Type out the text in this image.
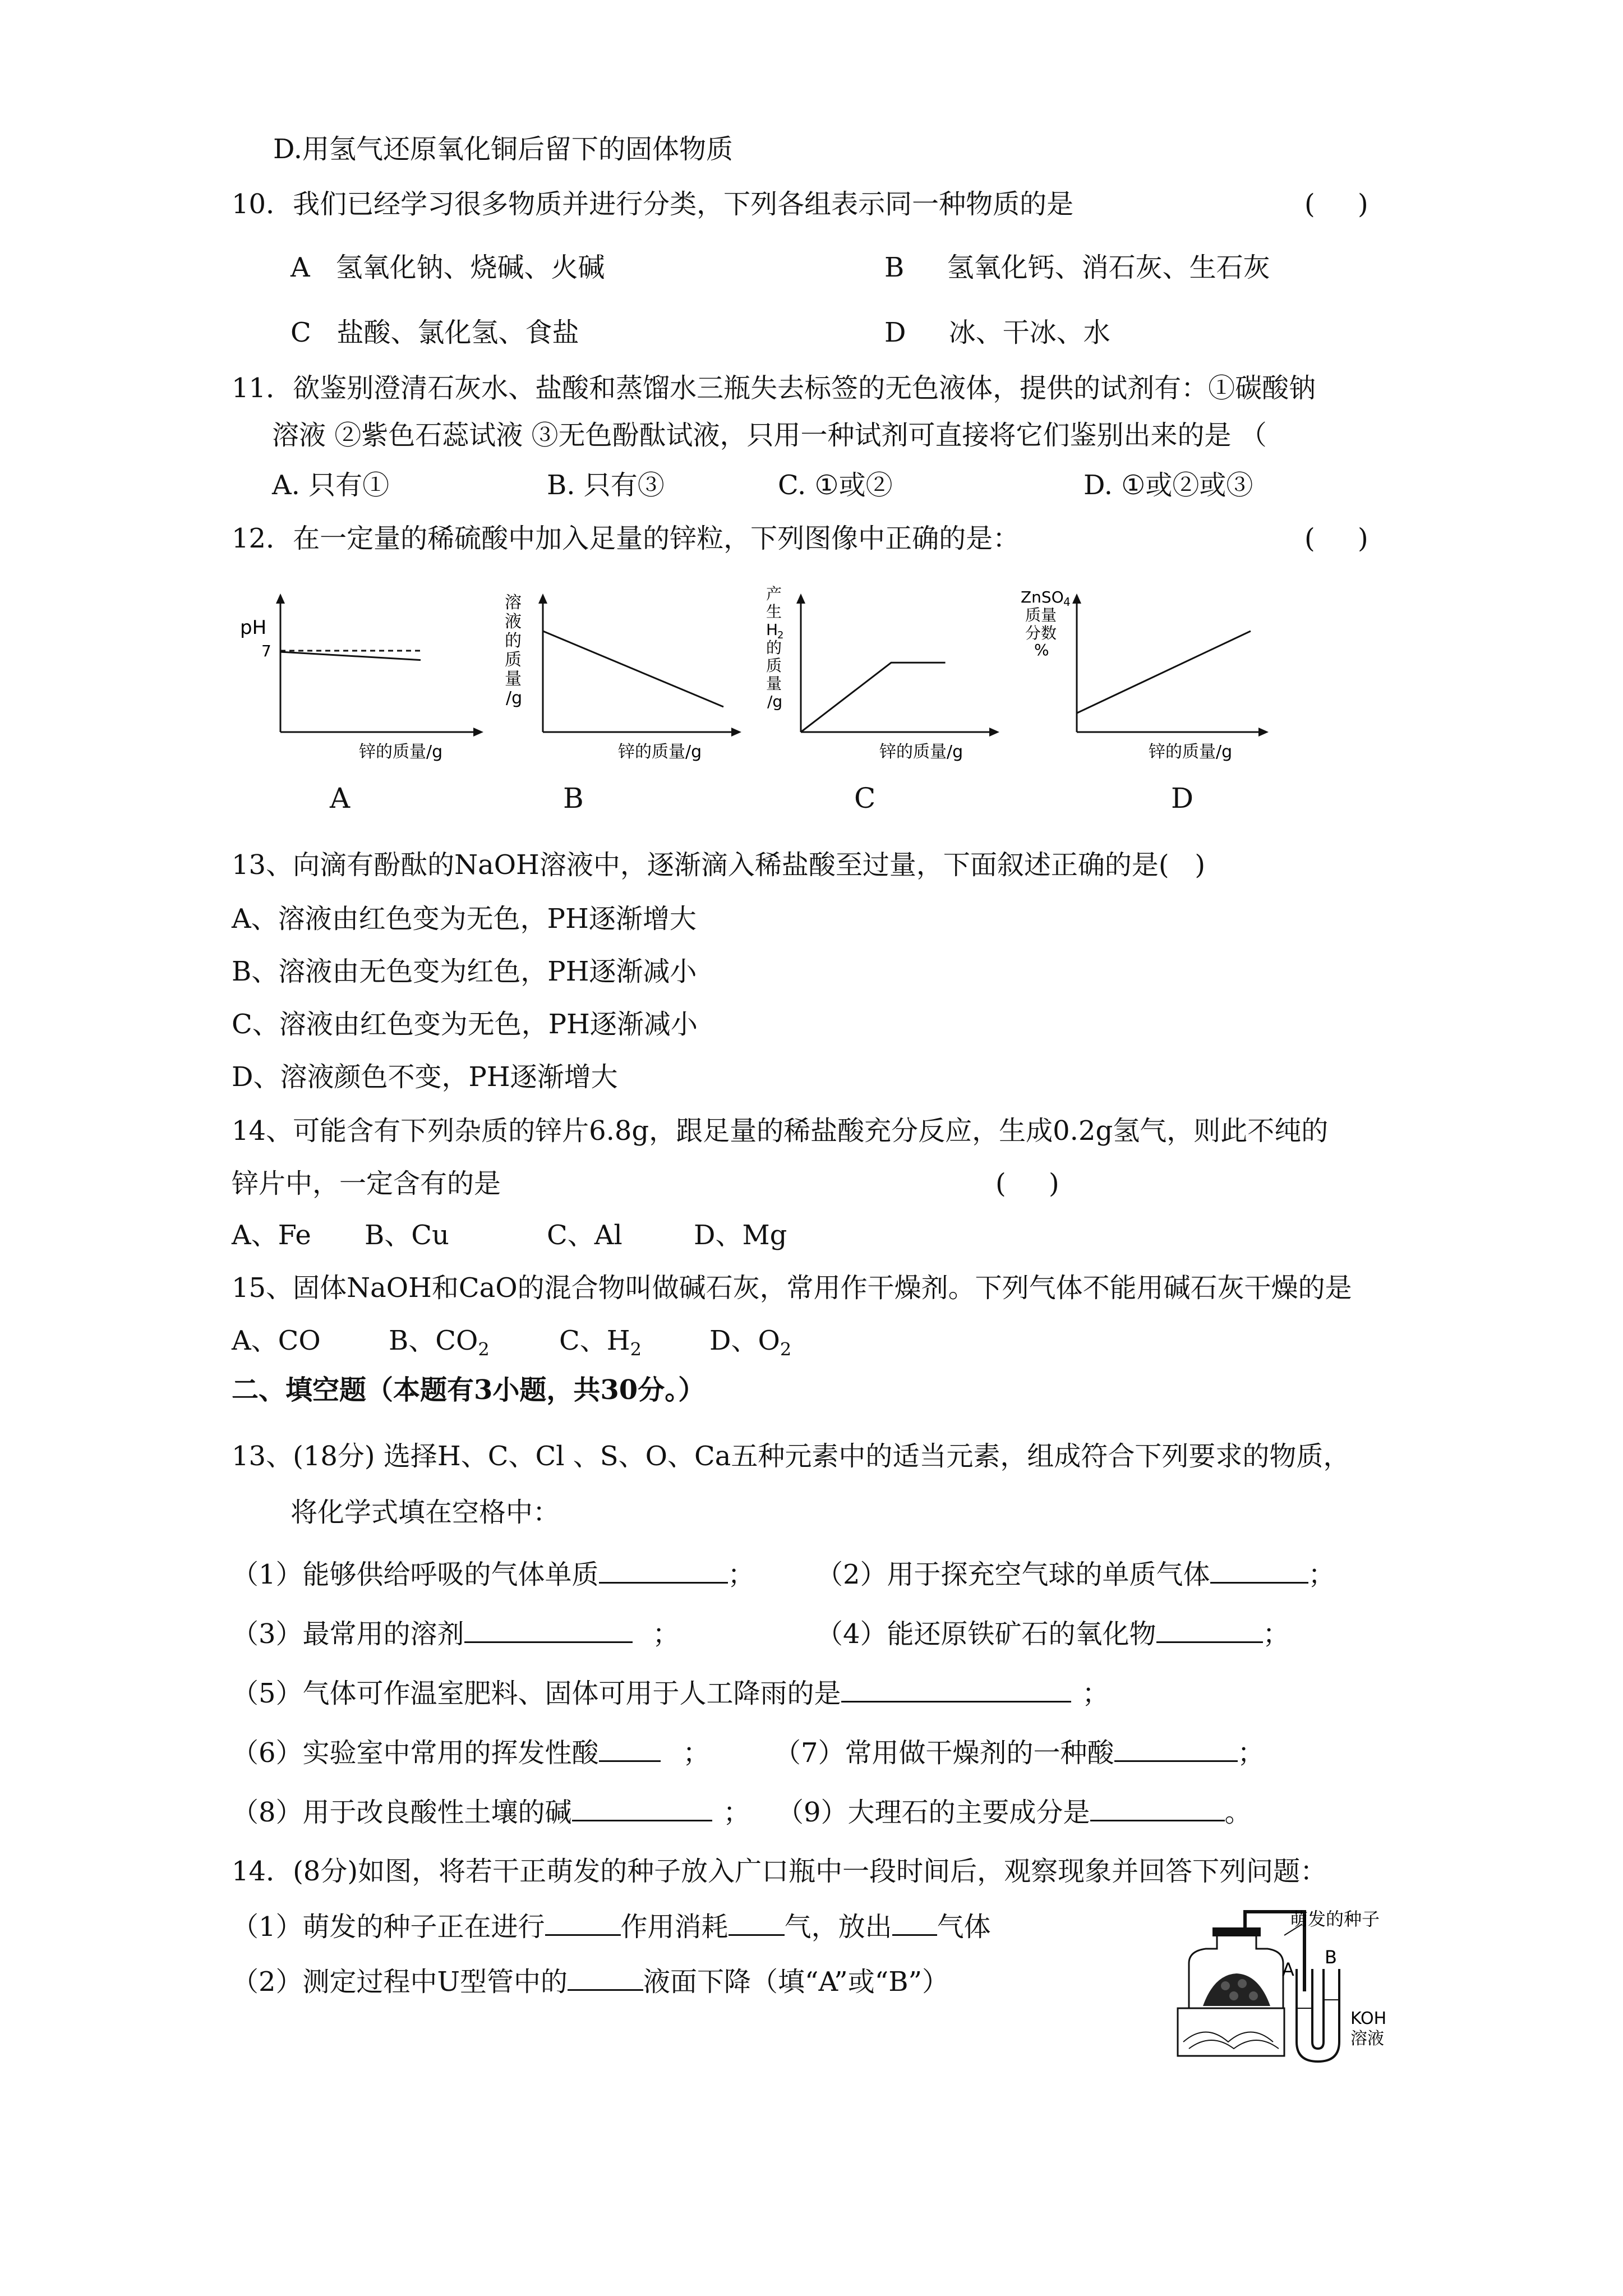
D.用氢气还原氧化铜后留下的固体物质
10．我们已经学习很多物质并进行分类，下列各组表示同一种物质的是	(     )
A   氢氧化钠、烧碱、火碱	B     氢氧化钙、消石灰、生石灰
C   盐酸、氯化氢、食盐	D     冰、干冰、水
11．欲鉴别澄清石灰水、盐酸和蒸馏水三瓶失去标签的无色液体，提供的试剂有：①碳酸钠
溶液 ②紫色石蕊试液 ③无色酚酞试液，只用一种试剂可直接将它们鉴别出来的是 （
A. 只有①	B. 只有③	C. ①或②	D. ①或②或③
12．在一定量的稀硫酸中加入足量的锌粒，下列图像中正确的是：	(     )
pH
7
锌的质量/g
A
溶
液
的
质
量
/g
锌的质量/g
B
产
生
H
2
的
质
量
/g
锌的质量/g
C
ZnSO 4
质量
分数
%
锌的质量/g
D
13、向滴有酚酞的NaOH溶液中，逐渐滴入稀盐酸至过量，下面叙述正确的是(   )
A、溶液由红色变为无色，PH逐渐增大
B、溶液由无色变为红色，PH逐渐减小
C、溶液由红色变为无色，PH逐渐减小
D、溶液颜色不变，PH逐渐增大
14、可能含有下列杂质的锌片6.8g，跟足量的稀盐酸充分反应，生成0.2g氢气，则此不纯的
锌片中，一定含有的是	(     )
A、Fe B、Cu	C、Al	D、Mg
15、固体NaOH和CaO的混合物叫做碱石灰，常用作干燥剂。下列气体不能用碱石灰干燥的是
A、CO	B、$CO_2$	C、$H_2$	D、$O_2$
二、填空题（本题有3小题，共30分。）
13、(18分) 选择H、C、Cl 、S、O、Ca五种元素中的适当元素，组成符合下列要求的物质，
将化学式填在空格中：
（1）能够供给呼吸的气体单质	； （2）用于探充空气球的单质气体	；
（3）最常用的溶剂	；	（4）能还原铁矿石的氧化物	；
（5）气体可作温室肥料、固体可用于人工降雨的是	；
（6）实验室中常用的挥发性酸	； （7）常用做干燥剂的一种酸	；
（8）用于改良酸性土壤的碱	； （9）大理石的主要成分是	。
14．(8分)如图，将若干正萌发的种子放入广口瓶中一段时间后，观察现象并回答下列问题：
（1）萌发的种子正在进行	作用消耗 气，放出 气体
（2）测定过程中U型管中的	液面下降（填“A”或“B”）
萌发的种子
A
B
KOH
溶液
